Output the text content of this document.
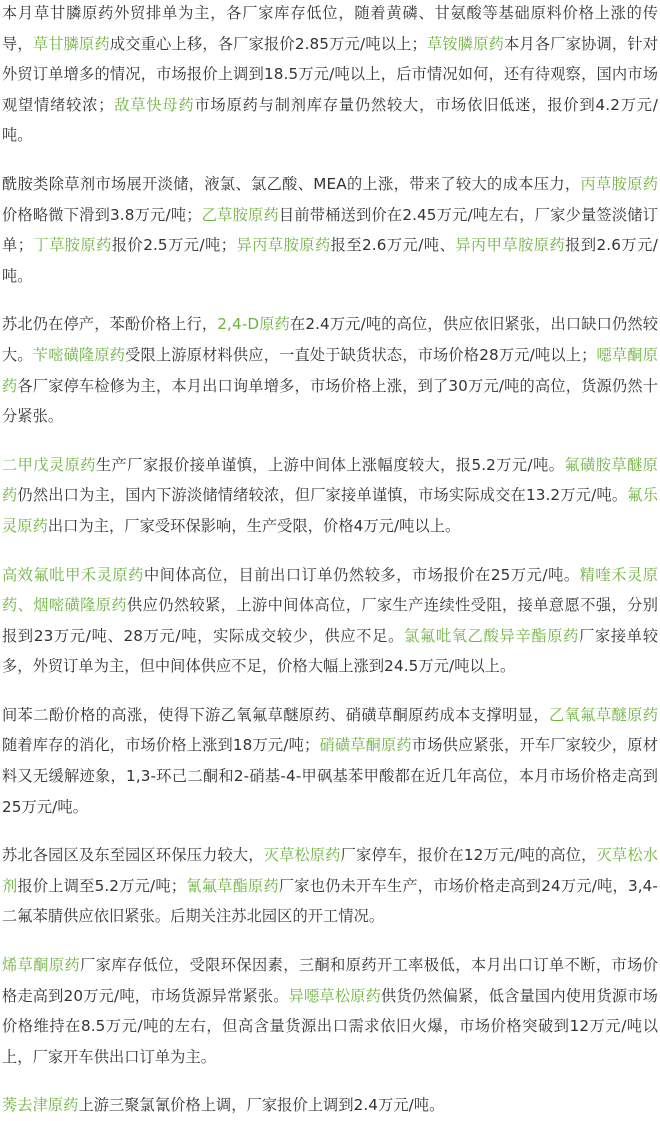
本月草甘膦原药外贸排单为主，各厂家库存低位，随着黄磷、甘氨酸等基础原料价格上涨的传导，草甘膦原药成交重心上移，各厂家报价2.85万元/吨以上；草铵膦原药本月各厂家协调，针对外贸订单增多的情况，市场报价上调到18.5万元/吨以上，后市情况如何，还有待观察，国内市场观望情绪较浓；敌草快母药市场原药与制剂库存量仍然较大，市场依旧低迷，报价到4.2万元/吨。

酰胺类除草剂市场展开淡储，液氯、氯乙酸、MEA的上涨，带来了较大的成本压力，丙草胺原药价格略微下滑到3.8万元/吨；乙草胺原药目前带桶送到价在2.45万元/吨左右，厂家少量签淡储订单；丁草胺原药报价2.5万元/吨；异丙草胺原药报至2.6万元/吨、异丙甲草胺原药报到2.6万元/吨。

苏北仍在停产，苯酚价格上行，2,4-D原药在2.4万元/吨的高位，供应依旧紧张，出口缺口仍然较大。苄嘧磺隆原药受限上游原材料供应，一直处于缺货状态，市场价格28万元/吨以上；噁草酮原药各厂家停车检修为主，本月出口询单增多，市场价格上涨，到了30万元/吨的高位，货源仍然十分紧张。

二甲戊灵原药生产厂家报价接单谨慎，上游中间体上涨幅度较大，报5.2万元/吨。氟磺胺草醚原药仍然出口为主，国内下游淡储情绪较浓，但厂家接单谨慎，市场实际成交在13.2万元/吨。氟乐灵原药出口为主，厂家受环保影响，生产受限，价格4万元/吨以上。

高效氟吡甲禾灵原药中间体高位，目前出口订单仍然较多，市场报价在25万元/吨。精喹禾灵原药、烟嘧磺隆原药供应仍然较紧，上游中间体高位，厂家生产连续性受阻，接单意愿不强，分别报到23万元/吨、28万元/吨，实际成交较少，供应不足。氯氟吡氧乙酸异辛酯原药厂家接单较多，外贸订单为主，但中间体供应不足，价格大幅上涨到24.5万元/吨以上。

间苯二酚价格的高涨，使得下游乙氧氟草醚原药、硝磺草酮原药成本支撑明显，乙氧氟草醚原药随着库存的消化，市场价格上涨到18万元/吨；硝磺草酮原药市场供应紧张，开车厂家较少，原材料又无缓解迹象，1,3-环己二酮和2-硝基-4-甲砜基苯甲酸都在近几年高位，本月市场价格走高到25万元/吨。

苏北各园区及东至园区环保压力较大，灭草松原药厂家停车，报价在12万元/吨的高位，灭草松水剂报价上调至5.2万元/吨；氰氟草酯原药厂家也仍未开车生产，市场价格走高到24万元/吨，3,4-二氟苯腈供应依旧紧张。后期关注苏北园区的开工情况。

烯草酮原药厂家库存低位，受限环保因素，三酮和原药开工率极低，本月出口订单不断，市场价格走高到20万元/吨，市场货源异常紧张。异噁草松原药供货仍然偏紧，低含量国内使用货源市场价格维持在8.5万元/吨的左右，但高含量货源出口需求依旧火爆，市场价格突破到12万元/吨以上，厂家开车供出口订单为主。

莠去津原药上游三聚氯氰价格上调，厂家报价上调到2.4万元/吨。
